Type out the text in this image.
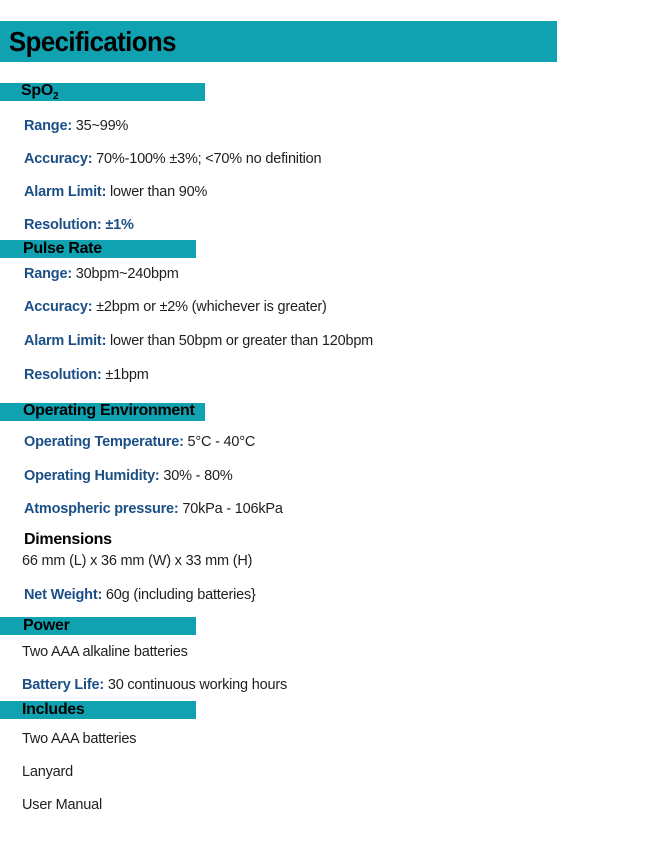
Specifications
SpO$_2$
Range: 35~99%
Accuracy: 70%-100% ±3%; <70% no definition
Alarm Limit: lower than 90%
Resolution: ±1%
Pulse Rate
Range: 30bpm~240bpm
Accuracy: ±2bpm or ±2% (whichever is greater)
Alarm Limit: lower than 50bpm or greater than 120bpm
Resolution: ±1bpm
Operating Environment
Operating Temperature: 5°C - 40°C
Operating Humidity: 30% - 80%
Atmospheric pressure: 70kPa - 106kPa
Dimensions
66 mm (L) x 36 mm (W) x 33 mm (H)
Net Weight: 60g (including batteries}
Power
Two AAA alkaline batteries
Battery Life: 30 continuous working hours
Includes
Two AAA batteries
Lanyard
User Manual
